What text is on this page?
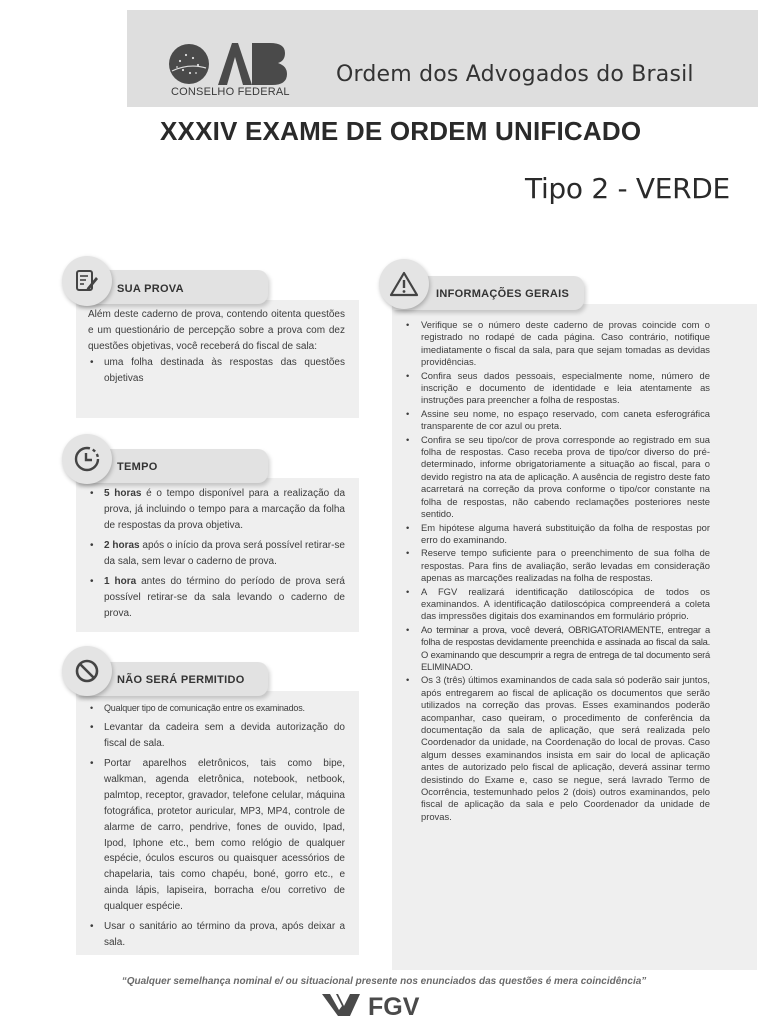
CONSELHO FEDERAL
Ordem dos Advogados do Brasil
XXXIV EXAME DE ORDEM UNIFICADO
Tipo 2 - VERDE
SUA PROVA

Além deste caderno de prova, contendo oitenta questões e um questionário de percepção sobre a prova com dez questões objetivas, você receberá do fiscal de sala:

• uma folha destinada às respostas das questões objetivas

TEMPO

• 5 horas é o tempo disponível para a realização da prova, já incluindo o tempo para a marcação da folha de respostas da prova objetiva.

• 2 horas após o início da prova será possível retirar-se da sala, sem levar o caderno de prova.

• 1 hora antes do término do período de prova será possível retirar-se da sala levando o caderno de prova.

NÃO SERÁ PERMITIDO

• Qualquer tipo de comunicação entre os examinados.

• Levantar da cadeira sem a devida autorização do fiscal de sala.

• Portar aparelhos eletrônicos, tais como bipe, walkman, agenda eletrônica, notebook, netbook, palmtop, receptor, gravador, telefone celular, máquina fotográfica, protetor auricular, MP3, MP4, controle de alarme de carro, pendrive, fones de ouvido, Ipad, Ipod, Iphone etc., bem como relógio de qualquer espécie, óculos escuros ou quaisquer acessórios de chapelaria, tais como chapéu, boné, gorro etc., e ainda lápis, lapiseira, borracha e/ou corretivo de qualquer espécie.

• Usar o sanitário ao término da prova, após deixar a sala.

INFORMAÇÕES GERAIS
• Verifique se o número deste caderno de provas coincide com o registrado no rodapé de cada página. Caso contrário, notifique imediatamente o fiscal da sala, para que sejam tomadas as devidas providências.
• Confira seus dados pessoais, especialmente nome, número de inscrição e documento de identidade e leia atentamente as instruções para preencher a folha de respostas.
• Assine seu nome, no espaço reservado, com caneta esferográfica transparente de cor azul ou preta.
• Confira se seu tipo/cor de prova corresponde ao registrado em sua folha de respostas. Caso receba prova de tipo/cor diverso do pré-determinado, informe obrigatoriamente a situação ao fiscal, para o devido registro na ata de aplicação. A ausência de registro deste fato acarretará na correção da prova conforme o tipo/cor constante na folha de respostas, não cabendo reclamações posteriores neste sentido.
• Em hipótese alguma haverá substituição da folha de respostas por erro do examinando.
• Reserve tempo suficiente para o preenchimento de sua folha de respostas. Para fins de avaliação, serão levadas em consideração apenas as marcações realizadas na folha de respostas.
• A FGV realizará identificação datiloscópica de todos os examinandos. A identificação datiloscópica compreenderá a coleta das impressões digitais dos examinandos em formulário próprio.
• Ao terminar a prova, você deverá, OBRIGATORIAMENTE, entregar a folha de respostas devidamente preenchida e assinada ao fiscal da sala. O examinando que descumprir a regra de entrega de tal documento será ELIMINADO.
• Os 3 (três) últimos examinandos de cada sala só poderão sair juntos, após entregarem ao fiscal de aplicação os documentos que serão utilizados na correção das provas. Esses examinandos poderão acompanhar, caso queiram, o procedimento de conferência da documentação da sala de aplicação, que será realizada pelo Coordenador da unidade, na Coordenação do local de provas. Caso algum desses examinandos insista em sair do local de aplicação antes de autorizado pelo fiscal de aplicação, deverá assinar termo desistindo do Exame e, caso se negue, será lavrado Termo de Ocorrência, testemunhado pelos 2 (dois) outros examinandos, pelo fiscal de aplicação da sala e pelo Coordenador da unidade de provas.
“Qualquer semelhança nominal e/ ou situacional presente nos enunciados das questões é mera coincidência”
FGV
